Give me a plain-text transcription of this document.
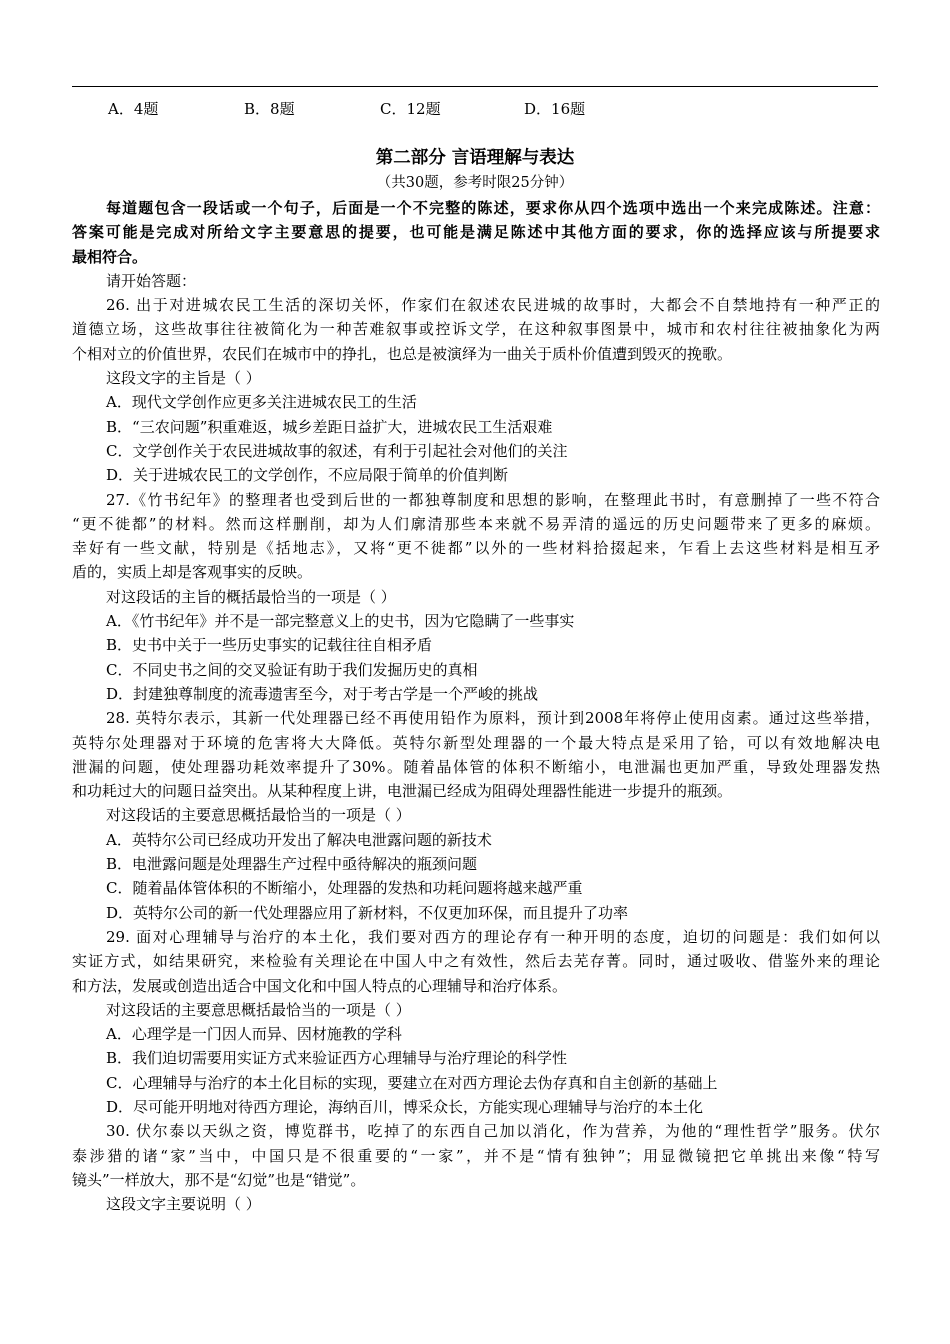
A．4题	B．8题	C．12题	D．16题
第二部分 言语理解与表达
（共30题，参考时限25分钟）
每道题包含一段话或一个句子，后面是一个不完整的陈述，要求你从四个选项中选出一个来完成陈述。注意：
答案可能是完成对所给文字主要意思的提要，也可能是满足陈述中其他方面的要求，你的选择应该与所提要求
最相符合。
请开始答题：
26. 出于对进城农民工生活的深切关怀，作家们在叙述农民进城的故事时，大都会不自禁地持有一种严正的
道德立场，这些故事往往被简化为一种苦难叙事或控诉文学，在这种叙事图景中，城市和农村往往被抽象化为两
个相对立的价值世界，农民们在城市中的挣扎，也总是被演绎为一曲关于质朴价值遭到毁灭的挽歌。
这段文字的主旨是（ ）
A．现代文学创作应更多关注进城农民工的生活
B．“三农问题”积重难返，城乡差距日益扩大，进城农民工生活艰难
C．文学创作关于农民进城故事的叙述，有利于引起社会对他们的关注
D．关于进城农民工的文学创作，不应局限于简单的价值判断
27.《竹书纪年》的整理者也受到后世的一都独尊制度和思想的影响，在整理此书时，有意删掉了一些不符合
“更不徙都”的材料。然而这样删削，却为人们廓清那些本来就不易弄清的遥远的历史问题带来了更多的麻烦。
幸好有一些文献，特别是《括地志》，又将“更不徙都”以外的一些材料拾掇起来，乍看上去这些材料是相互矛
盾的，实质上却是客观事实的反映。
对这段话的主旨的概括最恰当的一项是（ ）
A．《竹书纪年》并不是一部完整意义上的史书，因为它隐瞒了一些事实
B．史书中关于一些历史事实的记载往往自相矛盾
C．不同史书之间的交叉验证有助于我们发掘历史的真相
D．封建独尊制度的流毒遗害至今，对于考古学是一个严峻的挑战
28. 英特尔表示，其新一代处理器已经不再使用铅作为原料，预计到2008年将停止使用卤素。通过这些举措，
英特尔处理器对于环境的危害将大大降低。英特尔新型处理器的一个最大特点是采用了铪，可以有效地解决电
泄漏的问题，使处理器功耗效率提升了30%。随着晶体管的体积不断缩小，电泄漏也更加严重，导致处理器发热
和功耗过大的问题日益突出。从某种程度上讲，电泄漏已经成为阻碍处理器性能进一步提升的瓶颈。
对这段话的主要意思概括最恰当的一项是（ ）
A．英特尔公司已经成功开发出了解决电泄露问题的新技术
B．电泄露问题是处理器生产过程中亟待解决的瓶颈问题
C．随着晶体管体积的不断缩小，处理器的发热和功耗问题将越来越严重
D．英特尔公司的新一代处理器应用了新材料，不仅更加环保，而且提升了功率
29. 面对心理辅导与治疗的本土化，我们要对西方的理论存有一种开明的态度，迫切的问题是：我们如何以
实证方式，如结果研究，来检验有关理论在中国人中之有效性，然后去芜存菁。同时，通过吸收、借鉴外来的理论
和方法，发展或创造出适合中国文化和中国人特点的心理辅导和治疗体系。
对这段话的主要意思概括最恰当的一项是（ ）
A．心理学是一门因人而异、因材施教的学科
B．我们迫切需要用实证方式来验证西方心理辅导与治疗理论的科学性
C．心理辅导与治疗的本土化目标的实现，要建立在对西方理论去伪存真和自主创新的基础上
D．尽可能开明地对待西方理论，海纳百川，博采众长，方能实现心理辅导与治疗的本土化
30. 伏尔泰以天纵之资，博览群书，吃掉了的东西自己加以消化，作为营养，为他的“理性哲学”服务。伏尔
泰涉猎的诸“家”当中，中国只是不很重要的“一家”，并不是“情有独钟”；用显微镜把它单挑出来像“特写
镜头”一样放大，那不是“幻觉”也是“错觉”。
这段文字主要说明（ ）
